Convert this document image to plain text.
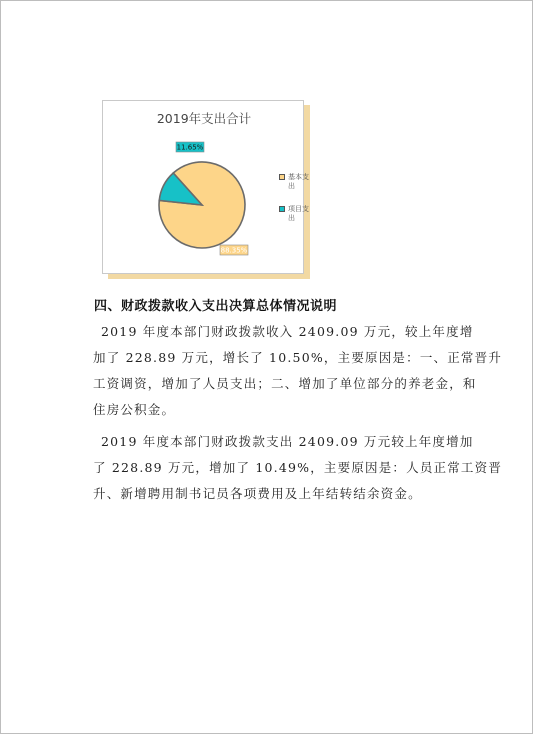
2019年支出合计
88.35%
11.65%
基本支出
项目支出
四、财政拨款收入支出决算总体情况说明
2019 年度本部门财政拨款收入 2409.09 万元，较上年度增
加了 228.89 万元，增长了 10.50%，主要原因是：一、正常晋升
工资调资，增加了人员支出；二、增加了单位部分的养老金，和
住房公积金。
2019 年度本部门财政拨款支出 2409.09 万元较上年度增加
了 228.89 万元，增加了 10.49%，主要原因是：人员正常工资晋
升、新增聘用制书记员各项费用及上年结转结余资金。
